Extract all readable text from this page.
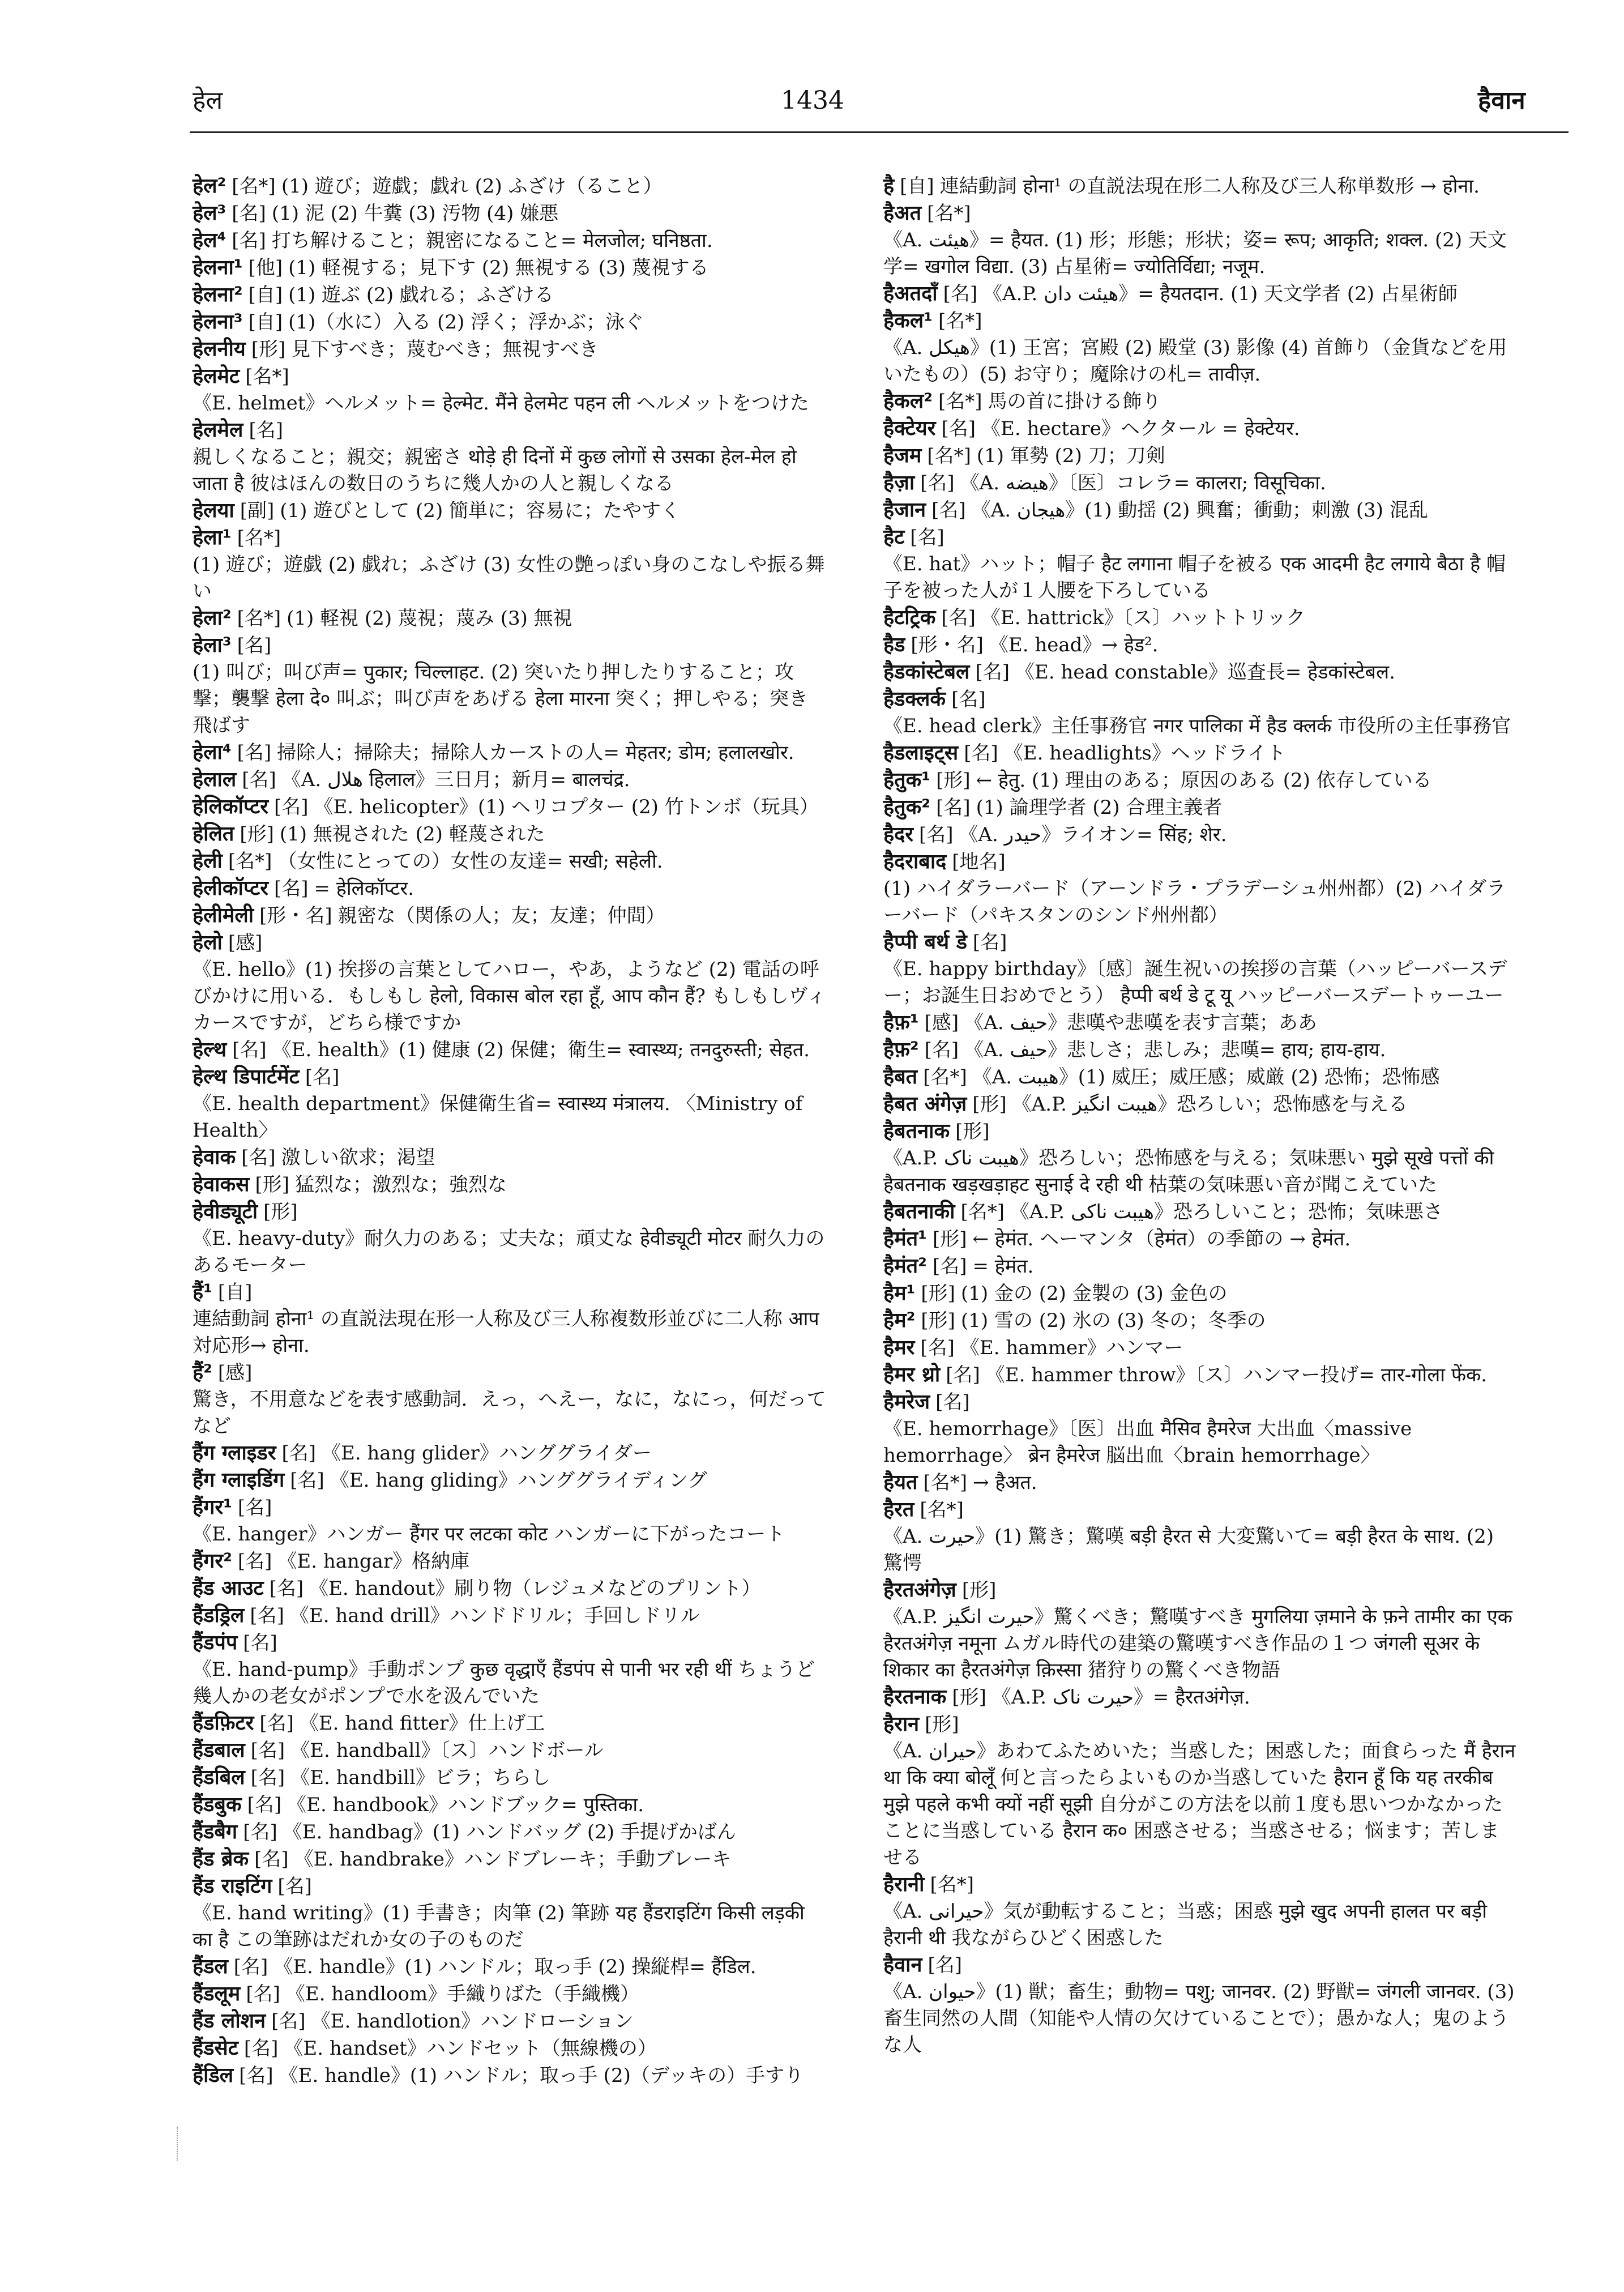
हेल	1434	हैवान
हेल² [名*] (1) 遊び；遊戯；戯れ (2) ふざけ（ること）
हेल³ [名] (1) 泥 (2) 牛糞 (3) 汚物 (4) 嫌悪
हेल⁴ [名] 打ち解けること；親密になること= मेलजोल; घनिष्ठता.
हेलना¹ [他] (1) 軽視する；見下す (2) 無視する (3) 蔑視する
हेलना² [自] (1) 遊ぶ (2) 戯れる；ふざける
हेलना³ [自] (1)（水に）入る (2) 浮く；浮かぶ；泳ぐ
हेलनीय [形] 見下すべき；蔑むべき；無視すべき
हेलमेट [名*]
《E. helmet》ヘルメット= हेल्मेट. मैंने हेलमेट पहन ली ヘルメットをつけた
हेलमेल [名]
親しくなること；親交；親密さ थोड़े ही दिनों में कुछ लोगों से उसका हेल-मेल हो जाता है 彼はほんの数日のうちに幾人かの人と親しくなる
हेलया [副] (1) 遊びとして (2) 簡単に；容易に；たやすく
हेला¹ [名*]
(1) 遊び；遊戯 (2) 戯れ；ふざけ (3) 女性の艶っぽい身のこなしや振る舞い
हेला² [名*] (1) 軽視 (2) 蔑視；蔑み (3) 無視
हेला³ [名]
(1) 叫び；叫び声= पुकार; चिल्लाहट. (2) 突いたり押したりすること；攻撃；襲撃 हेला दे० 叫ぶ；叫び声をあげる हेला मारना 突く；押しやる；突き飛ばす
हेला⁴ [名] 掃除人；掃除夫；掃除人カーストの人= मेहतर; डोम; हलालखोर.
हेलाल [名] 《A. هلال हिलाल》三日月；新月= बालचंद्र.
हेलिकॉप्टर [名] 《E. helicopter》(1) ヘリコプター (2) 竹トンボ（玩具）
हेलित [形] (1) 無視された (2) 軽蔑された
हेली [名*] （女性にとっての）女性の友達= सखी; सहेली.
हेलीकॉप्टर [名] = हेलिकॉप्टर.
हेलीमेली [形・名] 親密な（関係の人；友；友達；仲間）
हेलो [感]
《E. hello》(1) 挨拶の言葉としてハロー，やあ，ようなど (2) 電話の呼びかけに用いる．もしもし हेलो, विकास बोल रहा हूँ, आप कौन हैं? もしもしヴィカースですが，どちら様ですか
हेल्थ [名] 《E. health》(1) 健康 (2) 保健；衛生= स्वास्थ्य; तनदुरुस्ती; सेहत.
हेल्थ डिपार्टमेंट [名]
《E. health department》保健衛生省= स्वास्थ्य मंत्रालय. 〈Ministry of Health〉
हेवाक [名] 激しい欲求；渇望
हेवाकस [形] 猛烈な；激烈な；強烈な
हेवीड्यूटी [形]
《E. heavy-duty》耐久力のある；丈夫な；頑丈な हेवीड्यूटी मोटर 耐久力のあるモーター
हैं¹ [自]
連結動詞 होना¹ の直説法現在形一人称及び三人称複数形並びに二人称 आप 対応形→ होना.
हैं² [感]
驚き，不用意などを表す感動詞．えっ，へえー，なに，なにっ，何だってなど
हैंग ग्लाइडर [名] 《E. hang glider》ハンググライダー
हैंग ग्लाइडिंग [名] 《E. hang gliding》ハンググライディング
हैंगर¹ [名]
《E. hanger》ハンガー हैंगर पर लटका कोट ハンガーに下がったコート
हैंगर² [名] 《E. hangar》格納庫
हैंड आउट [名] 《E. handout》刷り物（レジュメなどのプリント）
हैंडड्रिल [名] 《E. hand drill》ハンドドリル；手回しドリル
हैंडपंप [名]
《E. hand-pump》手動ポンプ कुछ वृद्धाएँ हैंडपंप से पानी भर रही थीं ちょうど幾人かの老女がポンプで水を汲んでいた
हैंडफ़िटर [名] 《E. hand fitter》仕上げ工
हैंडबाल [名] 《E. handball》〔ス〕ハンドボール
हैंडबिल [名] 《E. handbill》ビラ；ちらし
हैंडबुक [名] 《E. handbook》ハンドブック= पुस्तिका.
हैंडबैग [名] 《E. handbag》(1) ハンドバッグ (2) 手提げかばん
हैंड ब्रेक [名] 《E. handbrake》ハンドブレーキ；手動ブレーキ
हैंड राइटिंग [名]
《E. hand writing》(1) 手書き；肉筆 (2) 筆跡 यह हैंडराइटिंग किसी लड़की का है この筆跡はだれか女の子のものだ
हैंडल [名] 《E. handle》(1) ハンドル；取っ手 (2) 操縦桿= हैंडिल.
हैंडलूम [名] 《E. handloom》手織りばた（手織機）
हैंड लोशन [名] 《E. handlotion》ハンドローション
हैंडसेट [名] 《E. handset》ハンドセット（無線機の）
हैंडिल [名] 《E. handle》(1) ハンドル；取っ手 (2)（デッキの）手すり
है [自] 連結動詞 होना¹ の直説法現在形二人称及び三人称単数形 → होना.
हैअत [名*]
《A. هيئت》= हैयत. (1) 形；形態；形状；姿= रूप; आकृति; शक्ल. (2) 天文学= खगोल विद्या. (3) 占星術= ज्योतिर्विद्या; नजूम.
हैअतदाँ [名] 《A.P. هيئت دان》= हैयतदान. (1) 天文学者 (2) 占星術師
हैकल¹ [名*]
《A. هيكل》(1) 王宮；宮殿 (2) 殿堂 (3) 影像 (4) 首飾り（金貨などを用いたもの）(5) お守り；魔除けの札= तावीज़.
हैकल² [名*] 馬の首に掛ける飾り
हैक्टेयर [名] 《E. hectare》ヘクタール = हेक्टेयर.
हैजम [名*] (1) 軍勢 (2) 刀；刀剣
हैज़ा [名] 《A. هيضه》〔医〕コレラ= कालरा; विसूचिका.
हैजान [名] 《A. هيجان》(1) 動揺 (2) 興奮；衝動；刺激 (3) 混乱
हैट [名]
《E. hat》ハット；帽子 हैट लगाना 帽子を被る एक आदमी हैट लगाये बैठा है 帽子を被った人が１人腰を下ろしている
हैटट्रिक [名] 《E. hattrick》〔ス〕ハットトリック
हैड [形・名] 《E. head》→ हेड².
हैडकांस्टेबल [名] 《E. head constable》巡査長= हेडकांस्टेबल.
हैडक्लर्क [名]
《E. head clerk》主任事務官 नगर पालिका में हैड क्लर्क 市役所の主任事務官
हैडलाइट्स [名] 《E. headlights》ヘッドライト
हैतुक¹ [形] ← हेतु. (1) 理由のある；原因のある (2) 依存している
हैतुक² [名] (1) 論理学者 (2) 合理主義者
हैदर [名] 《A. حيدر》ライオン= सिंह; शेर.
हैदराबाद [地名]
(1) ハイダラーバード（アーンドラ・プラデーシュ州州都）(2) ハイダラーバード（パキスタンのシンド州州都）
हैप्पी बर्थ डे [名]
《E. happy birthday》〔感〕誕生祝いの挨拶の言葉（ハッピーバースデー；お誕生日おめでとう） हैप्पी बर्थ डे टू यू ハッピーバースデートゥーユー
हैफ़¹ [感] 《A. حيف》悲嘆や悲嘆を表す言葉；ああ
हैफ़² [名] 《A. حيف》悲しさ；悲しみ；悲嘆= हाय; हाय-हाय.
हैबत [名*] 《A. هيبت》(1) 威圧；威圧感；威厳 (2) 恐怖；恐怖感
हैबत अंगेज़ [形] 《A.P. هيبت انگيز》恐ろしい；恐怖感を与える
हैबतनाक [形]
《A.P. هيبت ناک》恐ろしい；恐怖感を与える；気味悪い मुझे सूखे पत्तों की हैबतनाक खड़खड़ाहट सुनाई दे रही थी 枯葉の気味悪い音が聞こえていた
हैबतनाकी [名*] 《A.P. هيبت ناکی》恐ろしいこと；恐怖；気味悪さ
हैमंत¹ [形] ← हेमंत. ヘーマンタ（हेमंत）の季節の → हेमंत.
हैमंत² [名] = हेमंत.
हैम¹ [形] (1) 金の (2) 金製の (3) 金色の
हैम² [形] (1) 雪の (2) 氷の (3) 冬の；冬季の
हैमर [名] 《E. hammer》ハンマー
हैमर थ्रो [名] 《E. hammer throw》〔ス〕ハンマー投げ= तार-गोला फेंक.
हैमरेज [名]
《E. hemorrhage》〔医〕出血 मैसिव हैमरेज 大出血〈massive hemorrhage〉 ब्रेन हैमरेज 脳出血〈brain hemorrhage〉
हैयत [名*] → हैअत.
हैरत [名*]
《A. حيرت》(1) 驚き；驚嘆 बड़ी हैरत से 大変驚いて= बड़ी हैरत के साथ. (2) 驚愕
हैरतअंगेज़ [形]
《A.P. حيرت انگيز》驚くべき；驚嘆すべき मुगलिया ज़माने के फ़ने तामीर का एक हैरतअंगेज़ नमूना ムガル時代の建築の驚嘆すべき作品の１つ जंगली सूअर के शिकार का हैरतअंगेज़ क़िस्सा 猪狩りの驚くべき物語
हैरतनाक [形] 《A.P. حيرت ناک》= हैरतअंगेज़.
हैरान [形]
《A. حيران》あわてふためいた；当惑した；困惑した；面食らった मैं हैरान था कि क्या बोलूँ 何と言ったらよいものか当惑していた हैरान हूँ कि यह तरकीब मुझे पहले कभी क्यों नहीं सूझी 自分がこの方法を以前１度も思いつかなかったことに当惑している हैरान क० 困惑させる；当惑させる；悩ます；苦しませる
हैरानी [名*]
《A. حيرانی》気が動転すること；当惑；困惑 मुझे खुद अपनी हालत पर बड़ी हैरानी थी 我ながらひどく困惑した
हैवान [名]
《A. حيوان》(1) 獣；畜生；動物= पशु; जानवर. (2) 野獣= जंगली जानवर. (3) 畜生同然の人間（知能や人情の欠けていることで）；愚かな人；鬼のような人
